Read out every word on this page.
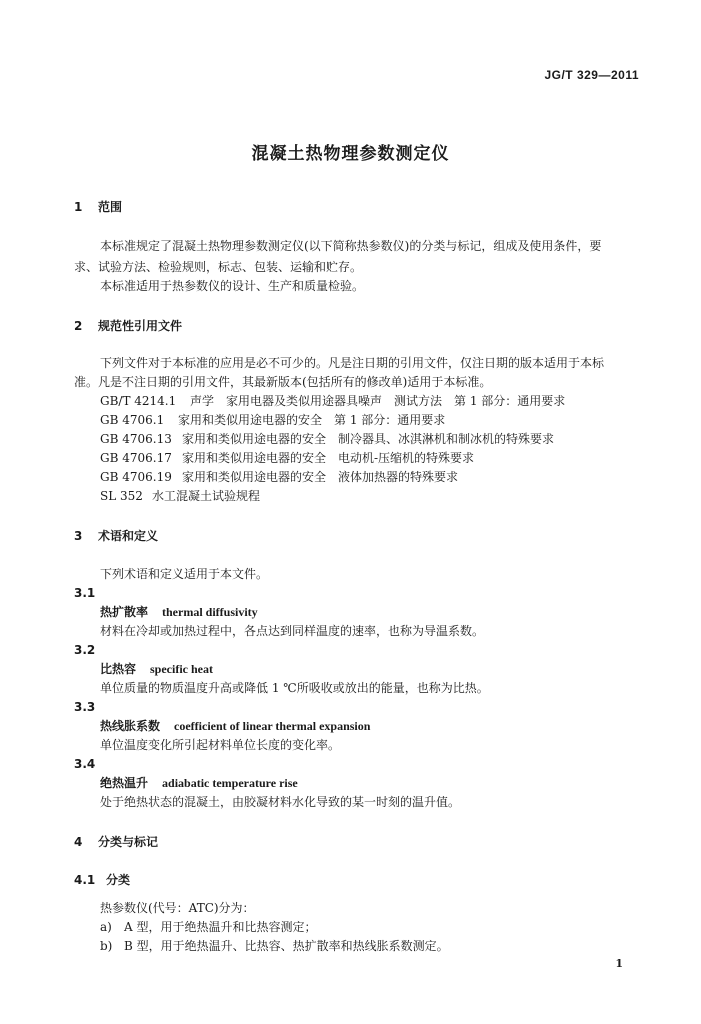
JG/T 329—2011
混凝土热物理参数测定仪
1 范围
本标准规定了混凝土热物理参数测定仪(以下简称热参数仪)的分类与标记，组成及使用条件，要
求、试验方法、检验规则，标志、包装、运输和贮存。
本标准适用于热参数仪的设计、生产和质量检验。
2 规范性引用文件
下列文件对于本标准的应用是必不可少的。凡是注日期的引用文件，仅注日期的版本适用于本标
准。凡是不注日期的引用文件，其最新版本(包括所有的修改单)适用于本标准。
GB/T 4214.1 声学　家用电器及类似用途器具噪声　测试方法　第 1 部分：通用要求
GB 4706.1 家用和类似用途电器的安全　第 1 部分：通用要求
GB 4706.13 家用和类似用途电器的安全　制冷器具、冰淇淋机和制冰机的特殊要求
GB 4706.17 家用和类似用途电器的安全　电动机-压缩机的特殊要求
GB 4706.19 家用和类似用途电器的安全　液体加热器的特殊要求
SL 352 水工混凝土试验规程
3 术语和定义
下列术语和定义适用于本文件。
3.1
热扩散率 thermal diffusivity
材料在冷却或加热过程中，各点达到同样温度的速率，也称为导温系数。
3.2
比热容 specific heat
单位质量的物质温度升高或降低 1 ℃所吸收或放出的能量，也称为比热。
3.3
热线胀系数 coefficient of linear thermal expansion
单位温度变化所引起材料单位长度的变化率。
3.4
绝热温升 adiabatic temperature rise
处于绝热状态的混凝土，由胶凝材料水化导致的某一时刻的温升值。
4 分类与标记
4.1 分类
热参数仪(代号：ATC)分为：
a) A 型，用于绝热温升和比热容测定；
b) B 型，用于绝热温升、比热容、热扩散率和热线胀系数测定。
1
